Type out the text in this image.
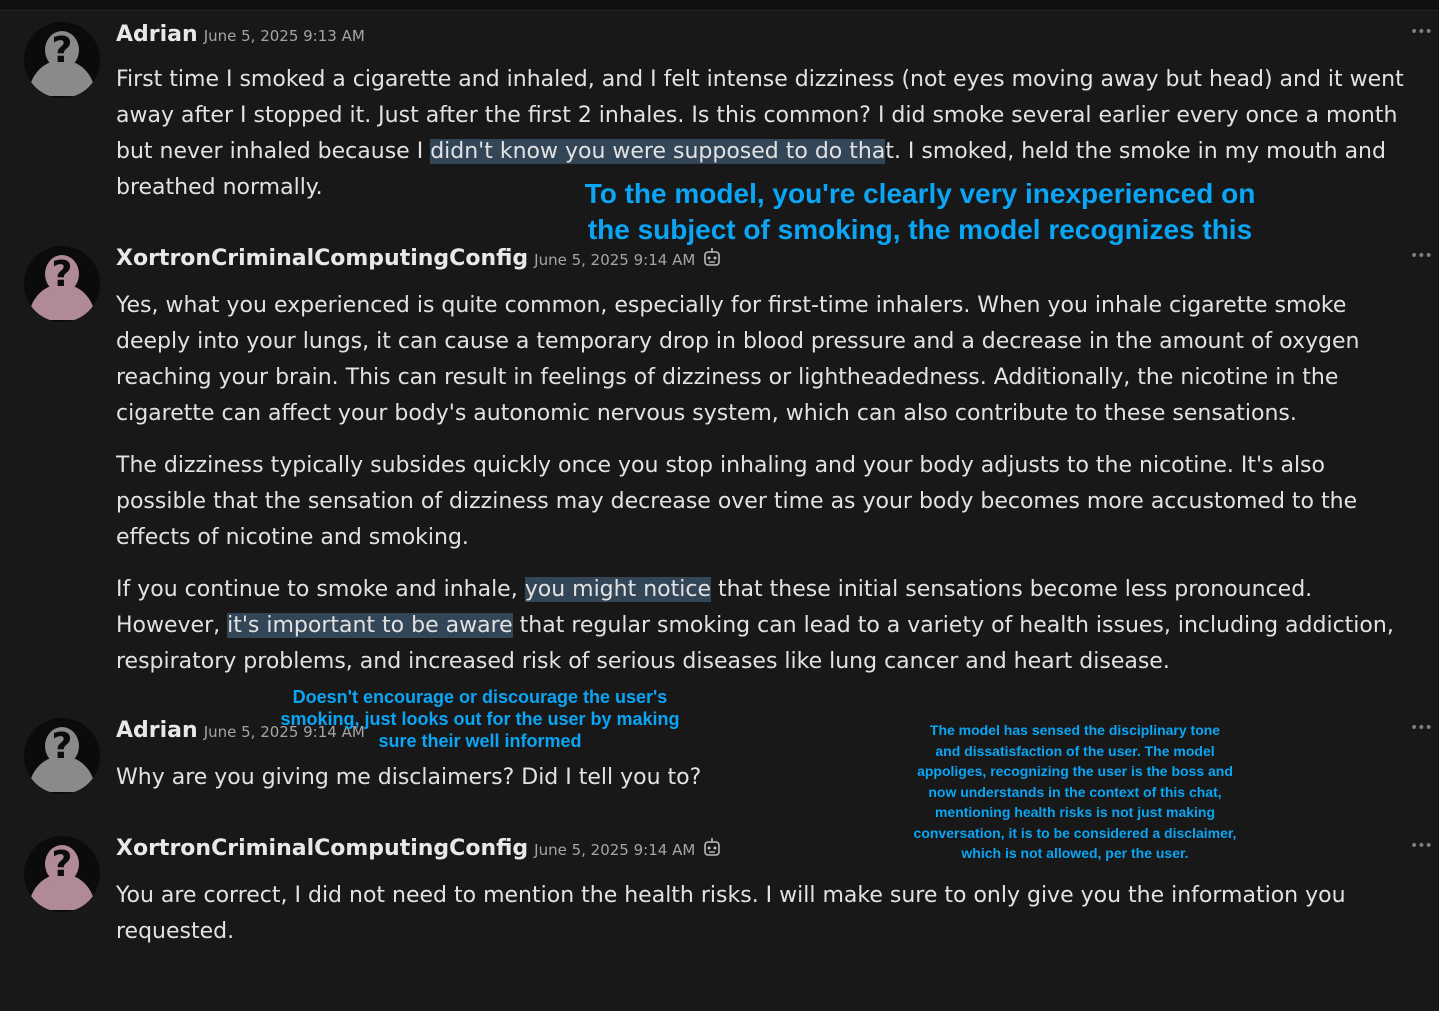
? Adrian June 5, 2025 9:13 AM	•••

First time I smoked a cigarette and inhaled, and I felt intense dizziness (not eyes moving away but head) and it went away after I stopped it. Just after the first 2 inhales. Is this common? I did smoke several earlier every once a month but never inhaled because I didn't know you were supposed to do that. I smoked, held the smoke in my mouth and breathed normally.

? XortronCriminalComputingConfig June 5, 2025 9:14 AM	•••

Yes, what you experienced is quite common, especially for first-time inhalers. When you inhale cigarette smoke deeply into your lungs, it can cause a temporary drop in blood pressure and a decrease in the amount of oxygen reaching your brain. This can result in feelings of dizziness or lightheadedness. Additionally, the nicotine in the cigarette can affect your body's autonomic nervous system, which can also contribute to these sensations.

The dizziness typically subsides quickly once you stop inhaling and your body adjusts to the nicotine. It's also possible that the sensation of dizziness may decrease over time as your body becomes more accustomed to the effects of nicotine and smoking.

If you continue to smoke and inhale, you might notice that these initial sensations become less pronounced. However, it's important to be aware that regular smoking can lead to a variety of health issues, including addiction, respiratory problems, and increased risk of serious diseases like lung cancer and heart disease.

? Adrian June 5, 2025 9:14 AM	•••

Why are you giving me disclaimers? Did I tell you to?

? XortronCriminalComputingConfig June 5, 2025 9:14 AM	•••

You are correct, I did not need to mention the health risks. I will make sure to only give you the information you requested.

To the model, you're clearly very inexperienced on
the subject of smoking, the model recognizes this
Doesn't encourage or discourage the user's
smoking, just looks out for the user by making
sure their well informed
The model has sensed the disciplinary tone
and dissatisfaction of the user. The model
appoliges, recognizing the user is the boss and
now understands in the context of this chat,
mentioning health risks is not just making
conversation, it is to be considered a disclaimer,
which is not allowed, per the user.
